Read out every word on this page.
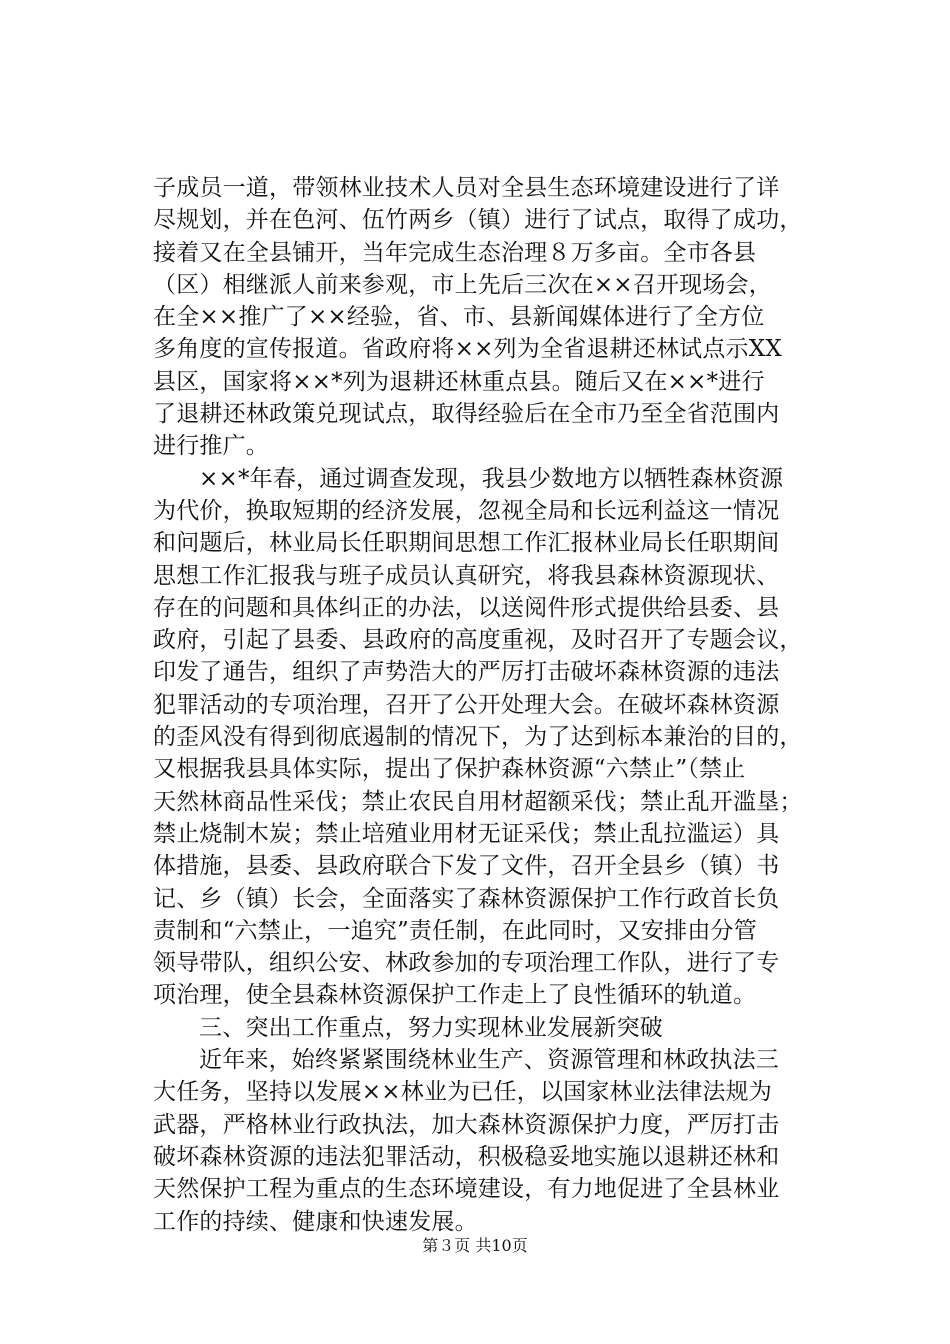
子成员一道，带领林业技术人员对全县生态环境建设进行了详
尽规划，并在色河、伍竹两乡（镇）进行了试点，取得了成功，
接着又在全县铺开，当年完成生态治理８万多亩。全市各县
（区）相继派人前来参观，市上先后三次在××召开现场会，
在全××推广了××经验，省、市、县新闻媒体进行了全方位
多角度的宣传报道。省政府将××列为全省退耕还林试点示XX
县区，国家将××*列为退耕还林重点县。随后又在××*进行
了退耕还林政策兑现试点，取得经验后在全市乃至全省范围内
进行推广。
××*年春，通过调查发现，我县少数地方以牺牲森林资源
为代价，换取短期的经济发展，忽视全局和长远利益这一情况
和问题后，林业局长任职期间思想工作汇报林业局长任职期间
思想工作汇报我与班子成员认真研究，将我县森林资源现状、
存在的问题和具体纠正的办法，以送阅件形式提供给县委、县
政府，引起了县委、县政府的高度重视，及时召开了专题会议，
印发了通告，组织了声势浩大的严厉打击破坏森林资源的违法
犯罪活动的专项治理，召开了公开处理大会。在破坏森林资源
的歪风没有得到彻底遏制的情况下，为了达到标本兼治的目的，
又根据我县具体实际，提出了保护森林资源“六禁止”（禁止
天然林商品性采伐；禁止农民自用材超额采伐；禁止乱开滥垦；
禁止烧制木炭；禁止培殖业用材无证采伐；禁止乱拉滥运）具
体措施，县委、县政府联合下发了文件，召开全县乡（镇）书
记、乡（镇）长会，全面落实了森林资源保护工作行政首长负
责制和“六禁止，一追究”责任制，在此同时，又安排由分管
领导带队，组织公安、林政参加的专项治理工作队，进行了专
项治理，使全县森林资源保护工作走上了良性循环的轨道。
三、突出工作重点，努力实现林业发展新突破
近年来，始终紧紧围绕林业生产、资源管理和林政执法三
大任务，坚持以发展××林业为已任，以国家林业法律法规为
武器，严格林业行政执法，加大森林资源保护力度，严厉打击
破坏森林资源的违法犯罪活动，积极稳妥地实施以退耕还林和
天然保护工程为重点的生态环境建设，有力地促进了全县林业
工作的持续、健康和快速发展。
第３页 共10页
